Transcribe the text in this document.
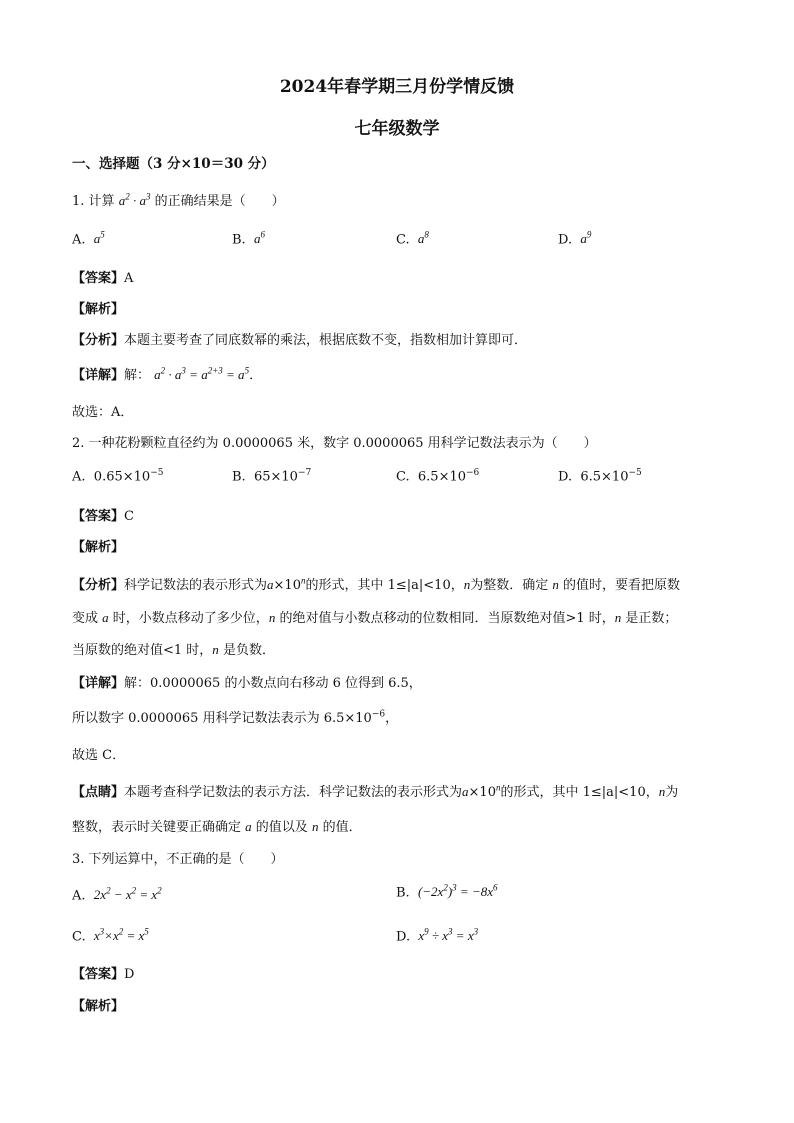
2024年春学期三月份学情反馈
七年级数学
一、选择题（3 分×10＝30 分）
1. 计算 $a^2 \cdot a^3$ 的正确结果是（　　）
A. $a^5$	B. $a^6$	C. $a^8$	D. $a^9$
【答案】A
【解析】
【分析】本题主要考查了同底数幂的乘法，根据底数不变，指数相加计算即可．
【详解】解： $a^2 \cdot a^3 = a^{2+3} = a^5$．
故选：A．
2. 一种花粉颗粒直径约为 0.0000065 米，数字 0.0000065 用科学记数法表示为（　　）
A.  $0.65\times 10^{-5}$	B.  $65\times 10^{-7}$	C.  $6.5\times 10^{-6}$	D.  $6.5\times 10^{-5}$
【答案】C
【解析】
【分析】科学记数法的表示形式为$a\times 10^n$的形式，其中 1≤|a|<10，n为整数．确定 n 的值时，要看把原数
变成 a 时，小数点移动了多少位，n 的绝对值与小数点移动的位数相同．当原数绝对值>1 时，n 是正数；
当原数的绝对值<1 时，n 是负数．
【详解】解：0.0000065 的小数点向右移动 6 位得到 6.5，
所以数字 0.0000065 用科学记数法表示为 $6.5\times 10^{-6}$，
故选 C．
【点睛】本题考查科学记数法的表示方法．科学记数法的表示形式为$a\times 10^n$的形式，其中 1≤|a|<10，n为
整数，表示时关键要正确确定 a 的值以及 n 的值．
3. 下列运算中，不正确的是（　　）
A. $2x^2 - x^2 = x^2$	B. $(-2x^2)^3 = -8x^6$
C. $x^3\times x^2 = x^5$	D. $x^9 \div x^3 = x^3$
【答案】D
【解析】
